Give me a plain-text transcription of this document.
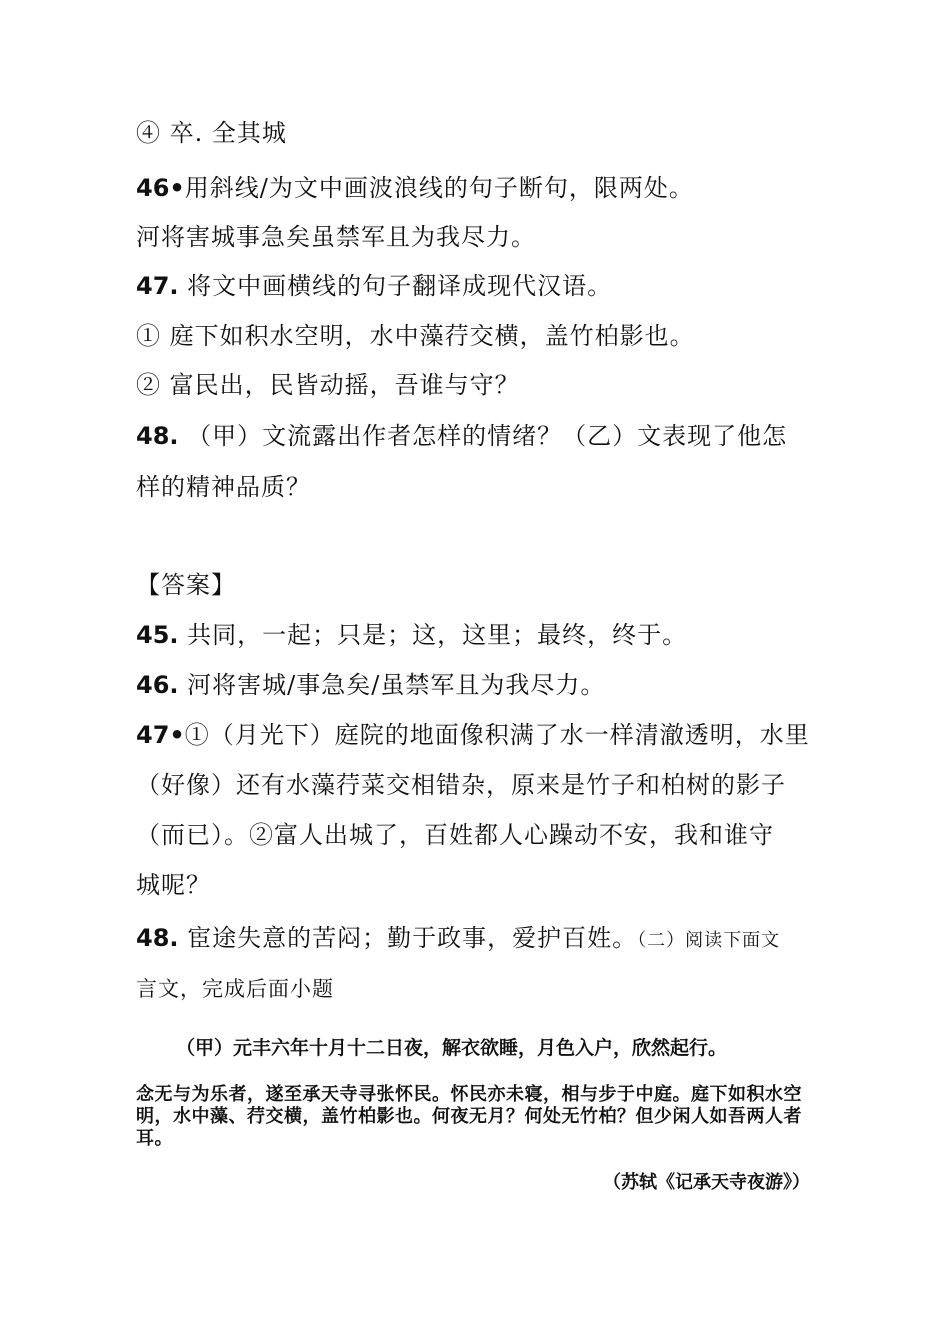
④ 卒. 全其城
46•用斜线/为文中画波浪线的句子断句，限两处。
河将害城事急矣虽禁军且为我尽力。
47. 将文中画横线的句子翻译成现代汉语。
① 庭下如积水空明，水中藻荇交横，盖竹柏影也。
② 富民出，民皆动摇，吾谁与守？
48. （甲）文流露出作者怎样的情绪？（乙）文表现了他怎
样的精神品质？
【答案】
45. 共同，一起；只是；这，这里；最终，终于。
46. 河将害城/事急矣/虽禁军且为我尽力。
47•①（月光下）庭院的地面像积满了水一样清澈透明，水里
（好像）还有水藻荇菜交相错杂，原来是竹子和柏树的影子
（而已）。②富人出城了，百姓都人心躁动不安，我和谁守
城呢？
48. 宦途失意的苦闷；勤于政事，爱护百姓。（二）阅读下面文
言文，完成后面小题
（甲）元丰六年十月十二日夜，解衣欲睡，月色入户，欣然起行。
念无与为乐者，遂至承天寺寻张怀民。怀民亦未寝，相与步于中庭。庭下如积水空明，水中藻、荇交横，盖竹柏影也。何夜无月？何处无竹柏？但少闲人如吾两人者耳。
（苏轼《记承天寺夜游》）
